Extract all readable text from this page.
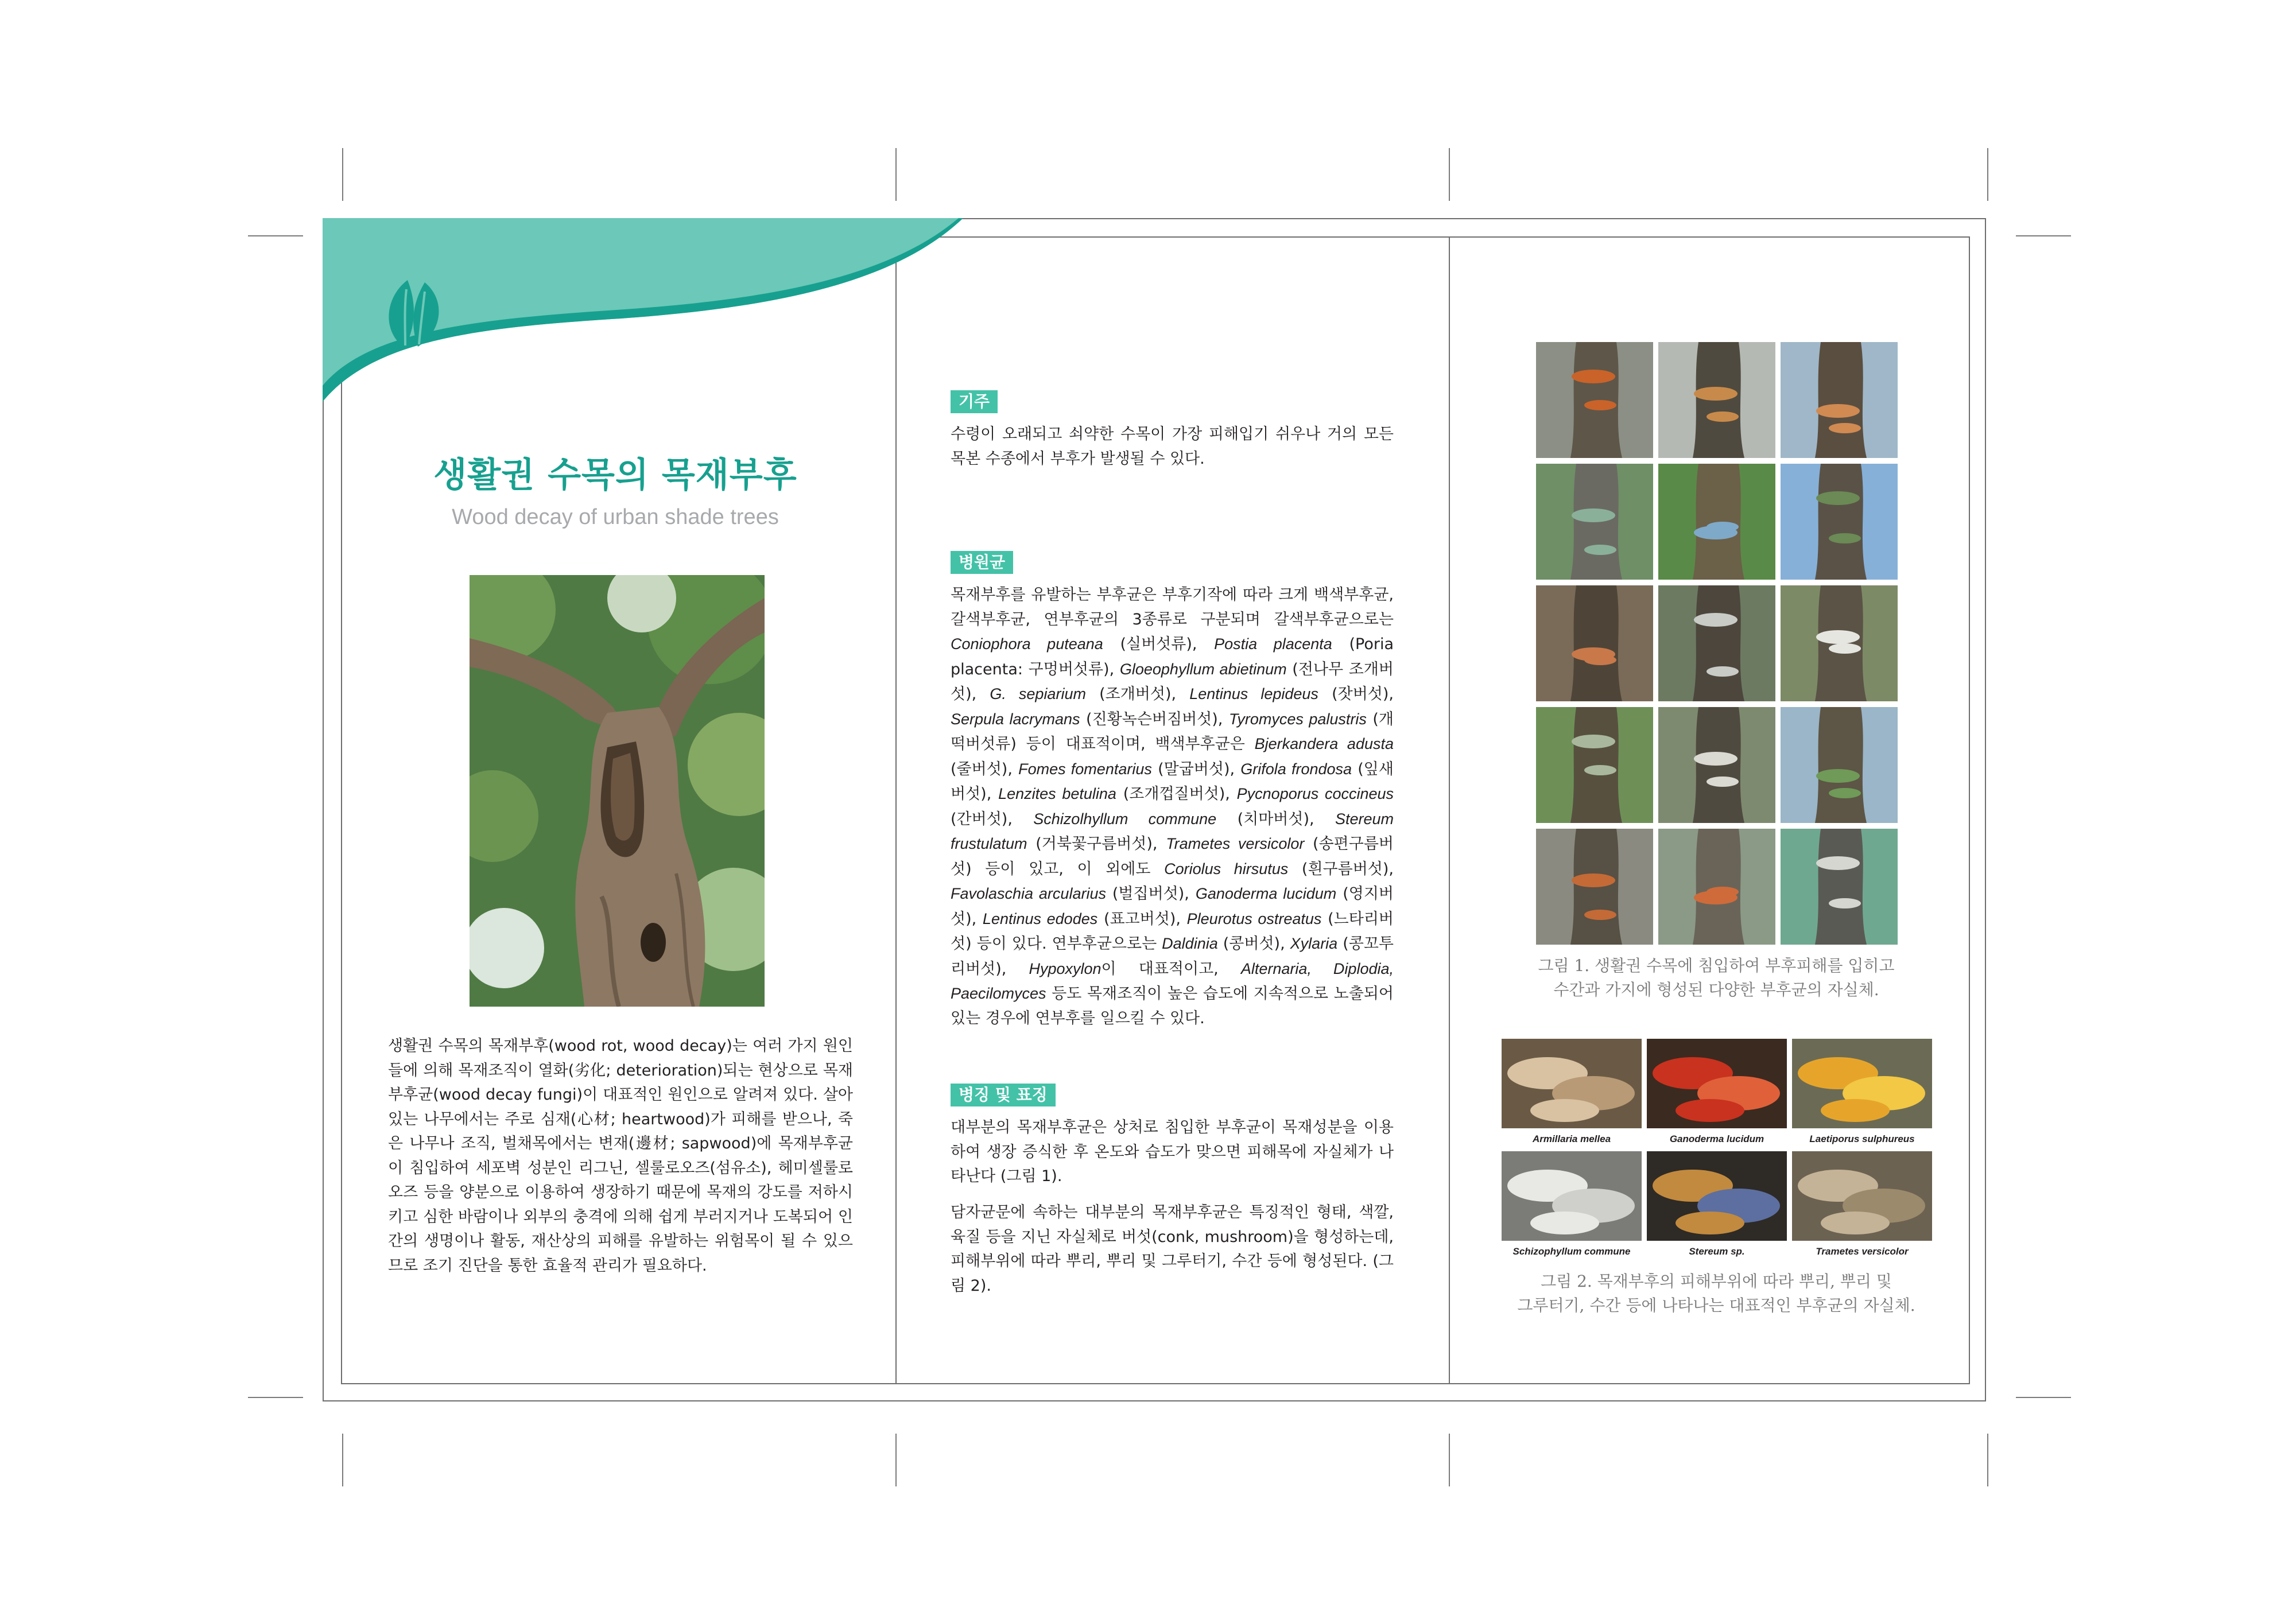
생활권 수목의 목재부후
Wood decay of urban shade trees
생활권 수목의 목재부후(wood rot, wood decay)는 여러 가지 원인들에 의해 목재조직이 열화(劣化; deterioration)되는 현상으로 목재부후균(wood decay fungi)이 대표적인 원인으로 알려져 있다. 살아있는 나무에서는 주로 심재(心材; heartwood)가 피해를 받으나, 죽은 나무나 조직, 벌채목에서는 변재(邊材; sapwood)에 목재부후균이 침입하여 세포벽 성분인 리그닌, 셀룰로오즈(섬유소), 헤미셀룰로오즈 등을 양분으로 이용하여 생장하기 때문에 목재의 강도를 저하시키고 심한 바람이나 외부의 충격에 의해 쉽게 부러지거나 도복되어 인간의 생명이나 활동, 재산상의 피해를 유발하는 위험목이 될 수 있으므로 조기 진단을 통한 효율적 관리가 필요하다.
기주
수령이 오래되고 쇠약한 수목이 가장 피해입기 쉬우나 거의 모든 목본 수종에서 부후가 발생될 수 있다.
병원균
목재부후를 유발하는 부후균은 부후기작에 따라 크게 백색부후균, 갈색부후균, 연부후균의 3종류로 구분되며 갈색부후균으로는 Coniophora puteana (실버섯류), Postia placenta (Poria placenta: 구멍버섯류), Gloeophyllum abietinum (전나무 조개버섯), G. sepiarium (조개버섯), Lentinus lepideus (잣버섯), Serpula lacrymans (진황녹슨버짐버섯), Tyromyces palustris (개떡버섯류) 등이 대표적이며, 백색부후균은 Bjerkandera adusta (줄버섯), Fomes fomentarius (말굽버섯), Grifola frondosa (잎새버섯), Lenzites betulina (조개껍질버섯), Pycnoporus coccineus (간버섯), Schizolhyllum commune (치마버섯), Stereum frustulatum (거북꽃구름버섯), Trametes versicolor (송편구름버섯) 등이 있고, 이 외에도 Coriolus hirsutus (흰구름버섯), Favolaschia arcularius (벌집버섯), Ganoderma lucidum (영지버섯), Lentinus edodes (표고버섯), Pleurotus ostreatus (느타리버섯) 등이 있다. 연부후균으로는 Daldinia (콩버섯), Xylaria (콩꼬투리버섯), Hypoxylon이 대표적이고, Alternaria, Diplodia, Paecilomyces 등도 목재조직이 높은 습도에 지속적으로 노출되어 있는 경우에 연부후를 일으킬 수 있다.
병징 및 표징
대부분의 목재부후균은 상처로 침입한 부후균이 목재성분을 이용하여 생장 증식한 후 온도와 습도가 맞으면 피해목에 자실체가 나타난다 (그림 1).
담자균문에 속하는 대부분의 목재부후균은 특징적인 형태, 색깔, 육질 등을 지닌 자실체로 버섯(conk, mushroom)을 형성하는데, 피해부위에 따라 뿌리, 뿌리 및 그루터기, 수간 등에 형성된다. (그림 2).
그림 1. 생활권 수목에 침입하여 부후피해를 입히고
수간과 가지에 형성된 다양한 부후균의 자실체.
Armillaria mellea	Ganoderma lucidum	Laetiporus sulphureus
Schizophyllum commune	Stereum sp.	Trametes versicolor
그림 2. 목재부후의 피해부위에 따라 뿌리, 뿌리 및
그루터기, 수간 등에 나타나는 대표적인 부후균의 자실체.
